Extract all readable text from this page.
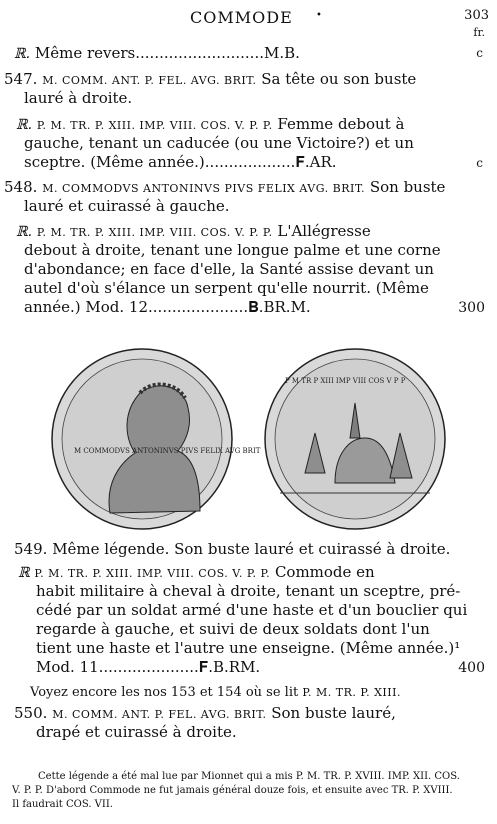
COMMODE •	303
fr.
ℝ. Même revers...........................M.B.	c
547. M. COMM. ANT. P. FEL. AVG. BRIT. Sa tête ou son buste
lauré à droite.
ℝ. P. M. TR. P. XIII. IMP. VIII. COS. V. P. P. Femme debout à
gauche, tenant un caducée (ou une Victoire?) et un
sceptre. (Même année.)...................𝐅.AR.	c
548. M. COMMODVS ANTONINVS PIVS FELIX AVG. BRIT. Son buste
lauré et cuirassé à gauche.
ℝ. P. M. TR. P. XIII. IMP. VIII. COS. V. P. P. L'Allégresse
debout à droite, tenant une longue palme et une corne
d'abondance; en face d'elle, la Santé assise devant un
autel d'où s'élance un serpent qu'elle nourrit. (Même
année.) Mod. 12.....................𝐁.BR.M.	300
M COMMODVS ANTONINVS PIVS FELIX AVG BRIT
P M TR P XIII IMP VIII COS V P P
549. Même légende. Son buste lauré et cuirassé à droite.
ℝ P. M. TR. P. XIII. IMP. VIII. COS. V. P. P. Commode en
habit militaire à cheval à droite, tenant un sceptre, pré-
cédé par un soldat armé d'une haste et d'un bouclier qui
regarde à gauche, et suivi de deux soldats dont l'un
tient une haste et l'autre une enseigne. (Même année.)¹
Mod. 11.....................𝐅.B.RM.	400
Voyez encore les nos 153 et 154 où se lit P. M. TR. P. XIII.
550. M. COMM. ANT. P. FEL. AVG. BRIT. Son buste lauré,
drapé et cuirassé à droite.
Cette légende a été mal lue par Mionnet qui a mis P. M. TR. P. XVIII. IMP. XII. COS.
V. P. P. D'abord Commode ne fut jamais général douze fois, et ensuite avec TR. P. XVIII.
Il faudrait COS. VII.
